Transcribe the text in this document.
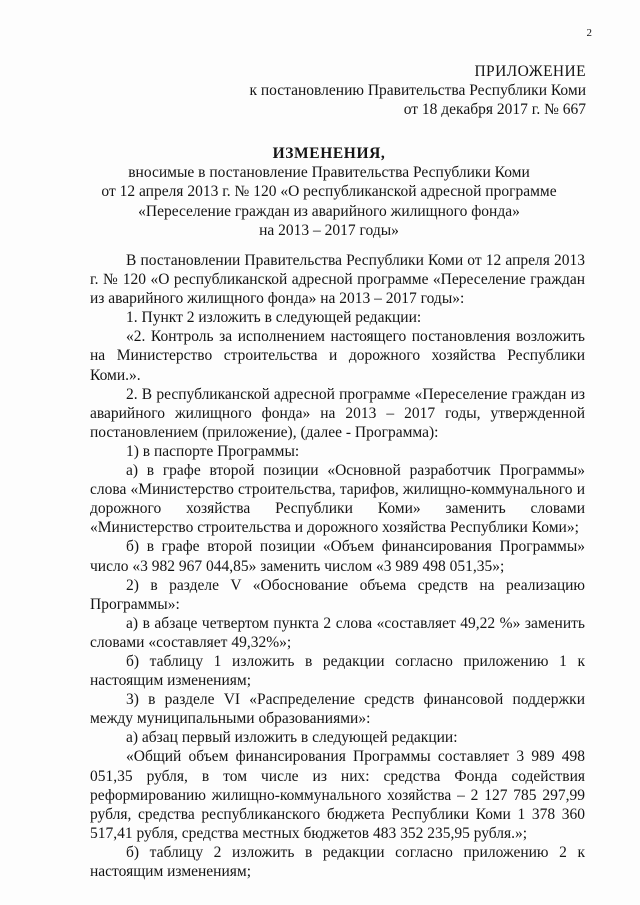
2
ПРИЛОЖЕНИЕ
к постановлению Правительства Республики Коми
от 18 декабря 2017 г. № 667
ИЗМЕНЕНИЯ,
вносимые в постановление Правительства Республики Коми
от 12 апреля 2013 г. № 120 «О республиканской адресной программе
«Переселение граждан из аварийного жилищного фонда»
на 2013 – 2017 годы»

В постановлении Правительства Республики Коми от 12 апреля 2013 г. № 120 «О республиканской адресной программе «Переселение граждан из аварийного жилищного фонда» на 2013 – 2017 годы»:

1. Пункт 2 изложить в следующей редакции:

«2. Контроль за исполнением настоящего постановления возложить на Министерство строительства и дорожного хозяйства Республики Коми.».

2. В республиканской адресной программе «Переселение граждан из аварийного жилищного фонда» на 2013 – 2017 годы, утвержденной постановлением (приложение), (далее - Программа):

1) в паспорте Программы:

а) в графе второй позиции «Основной разработчик Программы» слова «Министерство строительства, тарифов, жилищно-коммунального и дорожного хозяйства Республики Коми» заменить словами «Министерство строительства и дорожного хозяйства Республики Коми»;

б) в графе второй позиции «Объем финансирования Программы» число «3 982 967 044,85» заменить числом «3 989 498 051,35»;

2) в разделе V «Обоснование объема средств на реализацию Программы»:

а) в абзаце четвертом пункта 2 слова «составляет 49,22 %» заменить словами «составляет 49,32%»;

б) таблицу 1 изложить в редакции согласно приложению 1 к настоящим изменениям;

3) в разделе VI «Распределение средств финансовой поддержки между муниципальными образованиями»:

а) абзац первый изложить в следующей редакции:

«Общий объем финансирования Программы составляет 3 989 498 051,35 рубля, в том числе из них: средства Фонда содействия реформированию жилищно-коммунального хозяйства – 2 127 785 297,99 рубля, средства республиканского бюджета Республики Коми 1 378 360 517,41 рубля, средства местных бюджетов 483 352 235,95 рубля.»;

б) таблицу 2 изложить в редакции согласно приложению 2 к настоящим изменениям;
